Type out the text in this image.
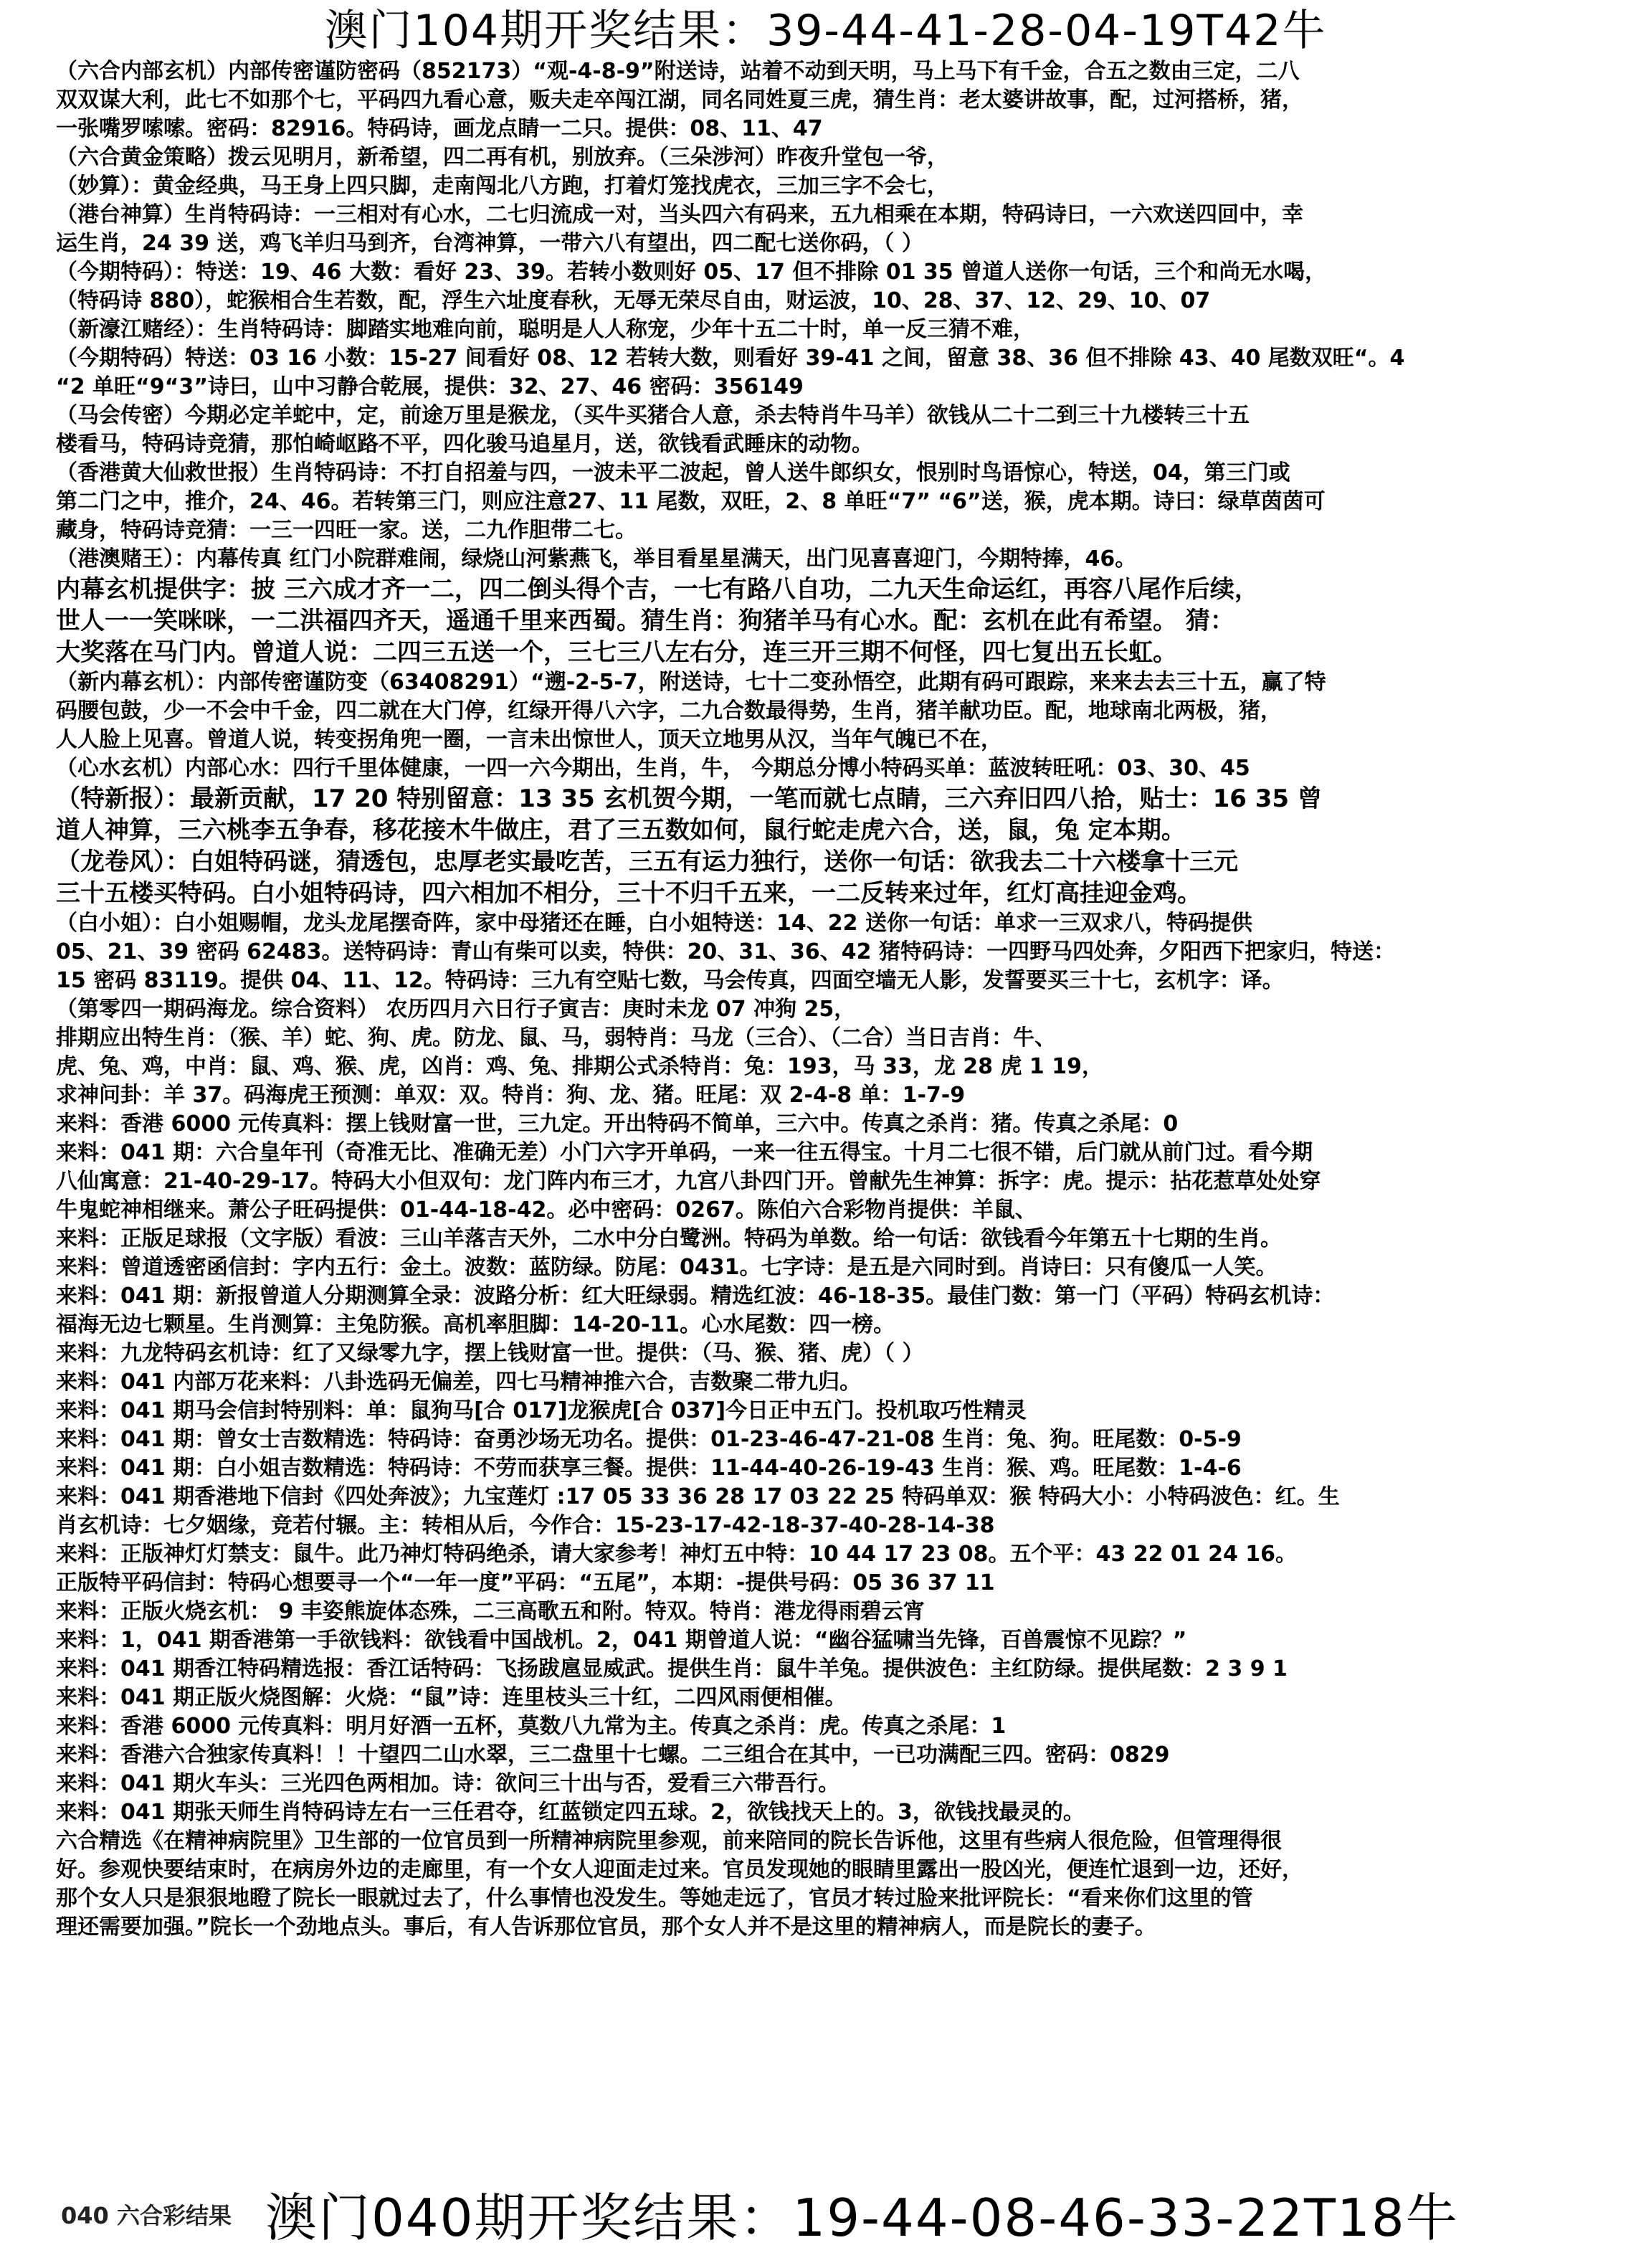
澳门104期开奖结果：39-44-41-28-04-19T42牛
（六合内部玄机）内部传密谨防密码（852173）“观-4-8-9”附送诗，站着不动到天明，马上马下有千金，合五之数由三定，二八
双双谋大利，此七不如那个七，平码四九看心意，贩夫走卒闯江湖，同名同姓夏三虎，猜生肖：老太婆讲故事，配，过河搭桥，猪，
一张嘴罗嗦嗦。密码：82916。特码诗，画龙点睛一二只。提供：08、11、47
（六合黄金策略）拨云见明月，新希望，四二再有机，别放弃。（三朵涉河）昨夜升堂包一爷，
（妙算）：黄金经典，马王身上四只脚，走南闯北八方跑，打着灯笼找虎衣，三加三字不会七，
（港台神算）生肖特码诗：一三相对有心水，二七归流成一对，当头四六有码来，五九相乘在本期，特码诗曰，一六欢送四回中，幸
运生肖，24 39 送，鸡飞羊归马到齐，台湾神算，一带六八有望出，四二配七送你码，（ ）
（今期特码）：特送：19、46 大数：看好 23、39。若转小数则好 05、17 但不排除 01 35 曾道人送你一句话，三个和尚无水喝，
（特码诗 880），蛇猴相合生若数，配，浮生六址度春秋，无辱无荣尽自由，财运波，10、28、37、12、29、10、07
（新濠江赌经）：生肖特码诗：脚踏实地难向前，聪明是人人称宠，少年十五二十时，单一反三猜不难，
（今期特码）特送：03 16 小数：15-27 间看好 08、12 若转大数，则看好 39-41 之间，留意 38、36 但不排除 43、40 尾数双旺“。4
“2 单旺“9“3”诗曰，山中习静合乾展，提供：32、27、46 密码：356149
（马会传密）今期必定羊蛇中，定，前途万里是猴龙，（买牛买猪合人意，杀去特肖牛马羊）欲钱从二十二到三十九楼转三十五
楼看马，特码诗竞猜，那怕崎岖路不平，四化骏马追星月，送，欲钱看武睡床的动物。
（香港黄大仙救世报）生肖特码诗：不打自招羞与四，一波未平二波起，曾人送牛郎织女，恨别时鸟语惊心，特送，04，第三门或
第二门之中，推介，24、46。若转第三门，则应注意27、11 尾数，双旺，2、8 单旺“7” “6”送，猴，虎本期。诗曰：绿草茵茵可
藏身，特码诗竞猜：一三一四旺一家。送，二九作胆带二七。
（港澳赌王）：内幕传真 红门小院群难闹，绿烧山河紫燕飞，举目看星星满天，出门见喜喜迎门，今期特捧，46。
内幕玄机提供字：披 三六成才齐一二，四二倒头得个吉，一七有路八自功，二九天生命运红，再容八尾作后续，
世人一一笑咪咪，一二洪福四齐天，遥通千里来西蜀。猜生肖：狗猪羊马有心水。配：玄机在此有希望。 猜：
大奖落在马门内。曾道人说：二四三五送一个，三七三八左右分，连三开三期不何怪，四七复出五长虹。
（新内幕玄机）：内部传密谨防变（63408291）“遡-2-5-7，附送诗，七十二变孙悟空，此期有码可跟踪，来来去去三十五，赢了特
码腰包鼓，少一不会中千金，四二就在大门停，红绿开得八六字，二九合数最得势，生肖，猪羊献功臣。配，地球南北两极，猪，
人人脸上见喜。曾道人说，转变拐角兜一圈，一言未出惊世人，顶天立地男从汉，当年气魄已不在，
（心水玄机）内部心水：四行千里体健康，一四一六今期出，生肖，牛， 今期总分博小特码买单：蓝波转旺吼：03、30、45
（特新报）：最新贡献，17 20 特别留意：13 35 玄机贺今期，一笔而就七点睛，三六弃旧四八拾，贴士：16 35 曾
道人神算，三六桃李五争春，移花接木牛做庄，君了三五数如何，鼠行蛇走虎六合，送，鼠，兔 定本期。
（龙卷风）：白姐特码谜，猜透包，忠厚老实最吃苦，三五有运力独行，送你一句话：欲我去二十六楼拿十三元
三十五楼买特码。白小姐特码诗，四六相加不相分，三十不归千五来，一二反转来过年，红灯高挂迎金鸡。
（白小姐）：白小姐赐帽，龙头龙尾摆奇阵，家中母猪还在睡，白小姐特送：14、22 送你一句话：单求一三双求八，特码提供
05、21、39 密码 62483。送特码诗：青山有柴可以卖，特供：20、31、36、42 猪特码诗：一四野马四处奔，夕阳西下把家归，特送：
15 密码 83119。提供 04、11、12。特码诗：三九有空贴七数，马会传真，四面空墙无人影，发誓要买三十七，玄机字：译。
（第零四一期码海龙。综合资料） 农历四月六日行子寅吉：庚时未龙 07 冲狗 25，
排期应出特生肖：（猴、羊）蛇、狗、虎。防龙、鼠、马，弱特肖：马龙（三合）、（二合）当日吉肖：牛、
虎、兔、鸡，中肖：鼠、鸡、猴、虎，凶肖：鸡、兔、排期公式杀特肖：兔：193，马 33，龙 28 虎 1 19，
求神问卦：羊 37。码海虎王预测：单双：双。特肖：狗、龙、猪。旺尾：双 2-4-8 单：1-7-9
来料：香港 6000 元传真料：摆上钱财富一世，三九定。开出特码不简单，三六中。传真之杀肖：猪。传真之杀尾：0
来料：041 期：六合皇年刊（奇准无比、准确无差）小门六字开单码，一来一往五得宝。十月二七很不错，后门就从前门过。看今期
八仙寓意：21-40-29-17。特码大小但双句：龙门阵内布三才，九宫八卦四门开。曾献先生神算：拆字：虎。提示：拈花惹草处处穿
牛鬼蛇神相继来。萧公子旺码提供：01-44-18-42。必中密码：0267。陈伯六合彩物肖提供：羊鼠、
来料：正版足球报（文字版）看波：三山羊落吉天外，二水中分白鹭洲。特码为单数。给一句话：欲钱看今年第五十七期的生肖。
来料：曾道透密函信封：字内五行：金土。波数：蓝防绿。防尾：0431。七字诗：是五是六同时到。肖诗曰：只有傻瓜一人笑。
来料：041 期：新报曾道人分期测算全录：波路分析：红大旺绿弱。精选红波：46-18-35。最佳门数：第一门（平码）特码玄机诗：
福海无边七颗星。生肖测算：主兔防猴。高机率胆脚：14-20-11。心水尾数：四一榜。
来料：九龙特码玄机诗：红了又绿零九字，摆上钱财富一世。提供：（马、猴、猪、虎）（ ）
来料：041 内部万花来料：八卦选码无偏差，四七马精神推六合，吉数聚二带九归。
来料：041 期马会信封特别料：单：鼠狗马[合 017]龙猴虎[合 037]今日正中五门。投机取巧性精灵
来料：041 期：曾女士吉数精选：特码诗：奋勇沙场无功名。提供：01-23-46-47-21-08 生肖：兔、狗。旺尾数：0-5-9
来料：041 期：白小姐吉数精选：特码诗：不劳而获享三餐。提供：11-44-40-26-19-43 生肖：猴、鸡。旺尾数：1-4-6
来料：041 期香港地下信封《四处奔波》；九宝莲灯 :17 05 33 36 28 17 03 22 25 特码单双：猴 特码大小：小特码波色：红。生
肖玄机诗：七夕姻缘，竞若付辗。主：转相从后，今作合：15-23-17-42-18-37-40-28-14-38
来料：正版神灯灯禁支：鼠牛。此乃神灯特码绝杀，请大家参考！神灯五中特：10 44 17 23 08。五个平：43 22 01 24 16。
正版特平码信封：特码心想要寻一个“一年一度”平码：“五尾”，本期：-提供号码：05 36 37 11
来料：正版火烧玄机： 9 丰姿熊旋体态殊，二三高歌五和附。特双。特肖：港龙得雨碧云宵
来料：1，041 期香港第一手欲钱料：欲钱看中国战机。2，041 期曾道人说：“幽谷猛啸当先锋，百兽震惊不见踪？”
来料：041 期香江特码精选报：香江话特码：飞扬跋扈显威武。提供生肖：鼠牛羊兔。提供波色：主红防绿。提供尾数：2 3 9 1
来料：041 期正版火烧图解：火烧：“鼠”诗：连里枝头三十红，二四风雨便相催。
来料：香港 6000 元传真料：明月好酒一五杯，莫数八九常为主。传真之杀肖：虎。传真之杀尾：1
来料：香港六合独家传真料！！十望四二山水翠，三二盘里十七螺。二三组合在其中，一已功满配三四。密码：0829
来料：041 期火车头：三光四色两相加。诗：欲问三十出与否，爱看三六带吾行。
来料：041 期张天师生肖特码诗左右一三任君夺，红蓝锁定四五球。2，欲钱找天上的。3，欲钱找最灵的。
六合精选《在精神病院里》卫生部的一位官员到一所精神病院里参观，前来陪同的院长告诉他，这里有些病人很危险，但管理得很
好。参观快要结束时，在病房外边的走廊里，有一个女人迎面走过来。官员发现她的眼睛里露出一股凶光，便连忙退到一边，还好，
那个女人只是狠狠地瞪了院长一眼就过去了，什么事情也没发生。等她走远了，官员才转过脸来批评院长：“看来你们这里的管
理还需要加强。”院长一个劲地点头。事后，有人告诉那位官员，那个女人并不是这里的精神病人，而是院长的妻子。
040 六合彩结果 澳门040期开奖结果：19-44-08-46-33-22T18牛
